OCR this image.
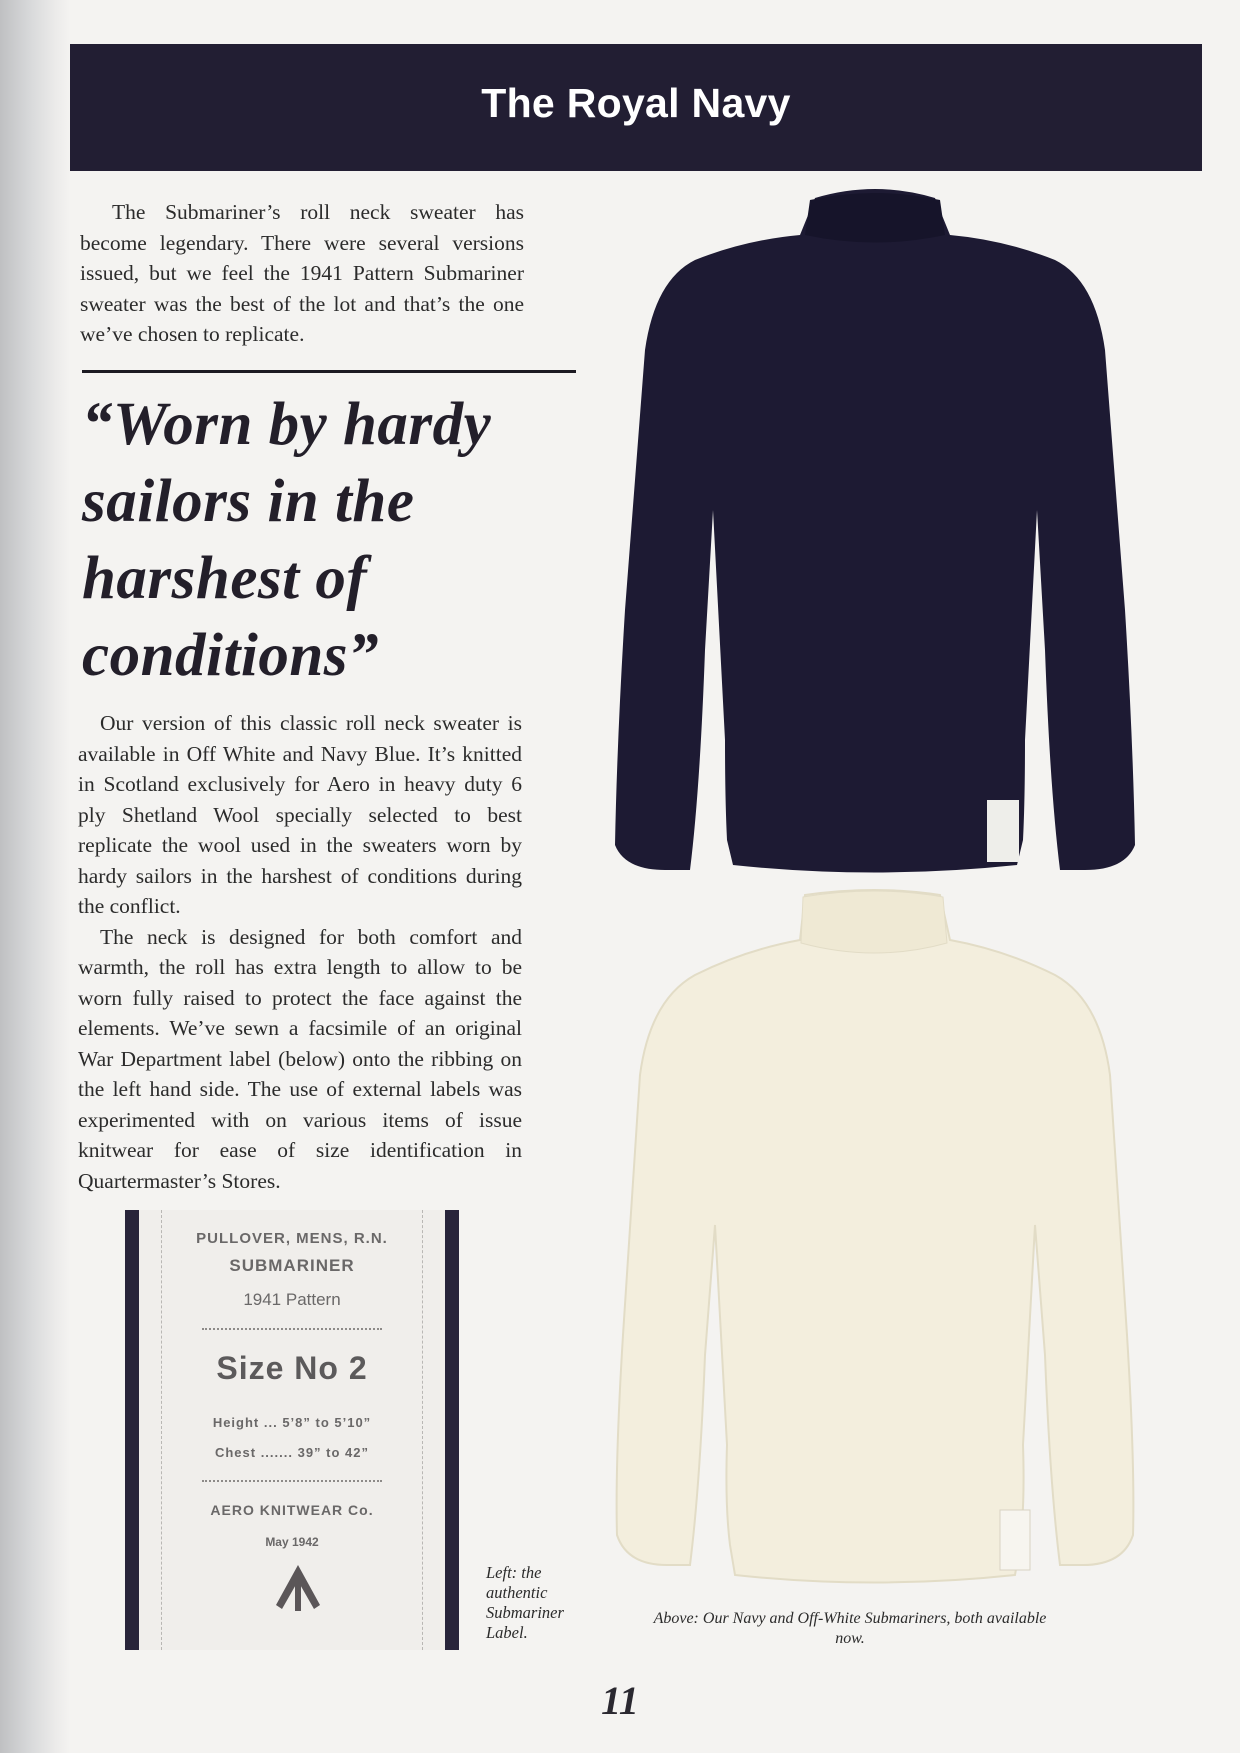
The Royal Navy

The Submariner’s roll neck sweater has become legendary. There were several versions issued, but we feel the 1941 Pattern Submariner sweater was the best of the lot and that’s the one we’ve chosen to replicate.

“Worn by hardy sailors in the harshest of conditions”

Our version of this classic roll neck sweater is available in Off White and Navy Blue. It’s knitted in Scotland exclusively for Aero in heavy duty 6 ply Shetland Wool specially selected to best replicate the wool used in the sweaters worn by hardy sailors in the harshest of conditions during the conflict.

The neck is designed for both comfort and warmth, the roll has extra length to allow to be worn fully raised to protect the face against the elements. We’ve sewn a facsimile of an original War Department label (below) onto the ribbing on the left hand side. The use of external labels was experimented with on various items of issue knitwear for ease of size identification in Quartermaster’s Stores.

PULLOVER, MENS, R.N.
SUBMARINER
1941 Pattern
Size No 2
Height ... 5’8” to 5’10”
Chest ....... 39” to 42”
AERO KNITWEAR Co.
May 1942
Left: the authentic Submariner Label.
Above: Our Navy and Off-White Submariners, both available now.
11
